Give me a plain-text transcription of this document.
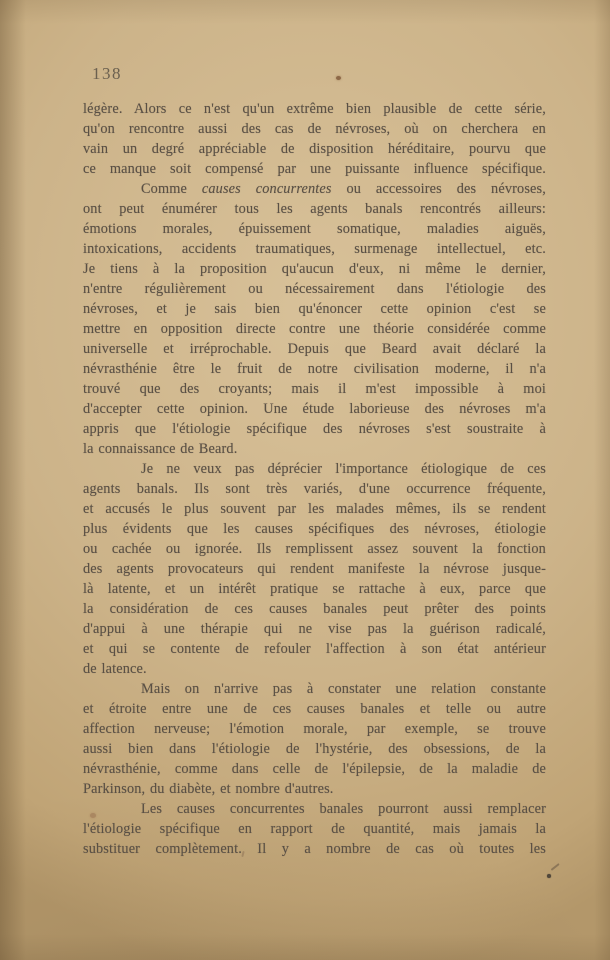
138
légère. Alors ce n'est qu'un extrême bien plausible de cette série,
qu'on rencontre aussi des cas de névroses, où on cherchera en
vain un degré appréciable de disposition héréditaire, pourvu que
ce manque soit compensé par une puissante influence spécifique.
Comme causes concurrentes ou accessoires des névroses,
ont peut énumérer tous les agents banals rencontrés ailleurs:
émotions morales, épuissement somatique, maladies aiguës,
intoxications, accidents traumatiques, surmenage intellectuel, etc.
Je tiens à la proposition qu'aucun d'eux, ni même le dernier,
n'entre régulièrement ou nécessairement dans l'étiologie des
névroses, et je sais bien qu'énoncer cette opinion c'est se
mettre en opposition directe contre une théorie considérée comme
universelle et irréprochable. Depuis que Beard avait déclaré la
névrasthénie être le fruit de notre civilisation moderne, il n'a
trouvé que des croyants; mais il m'est impossible à moi
d'accepter cette opinion. Une étude laborieuse des névroses m'a
appris que l'étiologie spécifique des névroses s'est soustraite à
la connaissance de Beard.
Je ne veux pas déprécier l'importance étiologique de ces
agents banals. Ils sont très variés, d'une occurrence fréquente,
et accusés le plus souvent par les malades mêmes, ils se rendent
plus évidents que les causes spécifiques des névroses, étiologie
ou cachée ou ignorée. Ils remplissent assez souvent la fonction
des agents provocateurs qui rendent manifeste la névrose jusque-
là latente, et un intérêt pratique se rattache à eux, parce que
la considération de ces causes banales peut prêter des points
d'appui à une thérapie qui ne vise pas la guérison radicalé,
et qui se contente de refouler l'affection à son état antérieur
de latence.
Mais on n'arrive pas à constater une relation constante
et étroite entre une de ces causes banales et telle ou autre
affection nerveuse; l'émotion morale, par exemple, se trouve
aussi bien dans l'étiologie de l'hystérie, des obsessions, de la
névrasthénie, comme dans celle de l'épilepsie, de la maladie de
Parkinson, du diabète, et nombre d'autres.
Les causes concurrentes banales pourront aussi remplacer
l'étiologie spécifique en rapport de quantité, mais jamais la
substituer complètement. Il y a nombre de cas où toutes les
